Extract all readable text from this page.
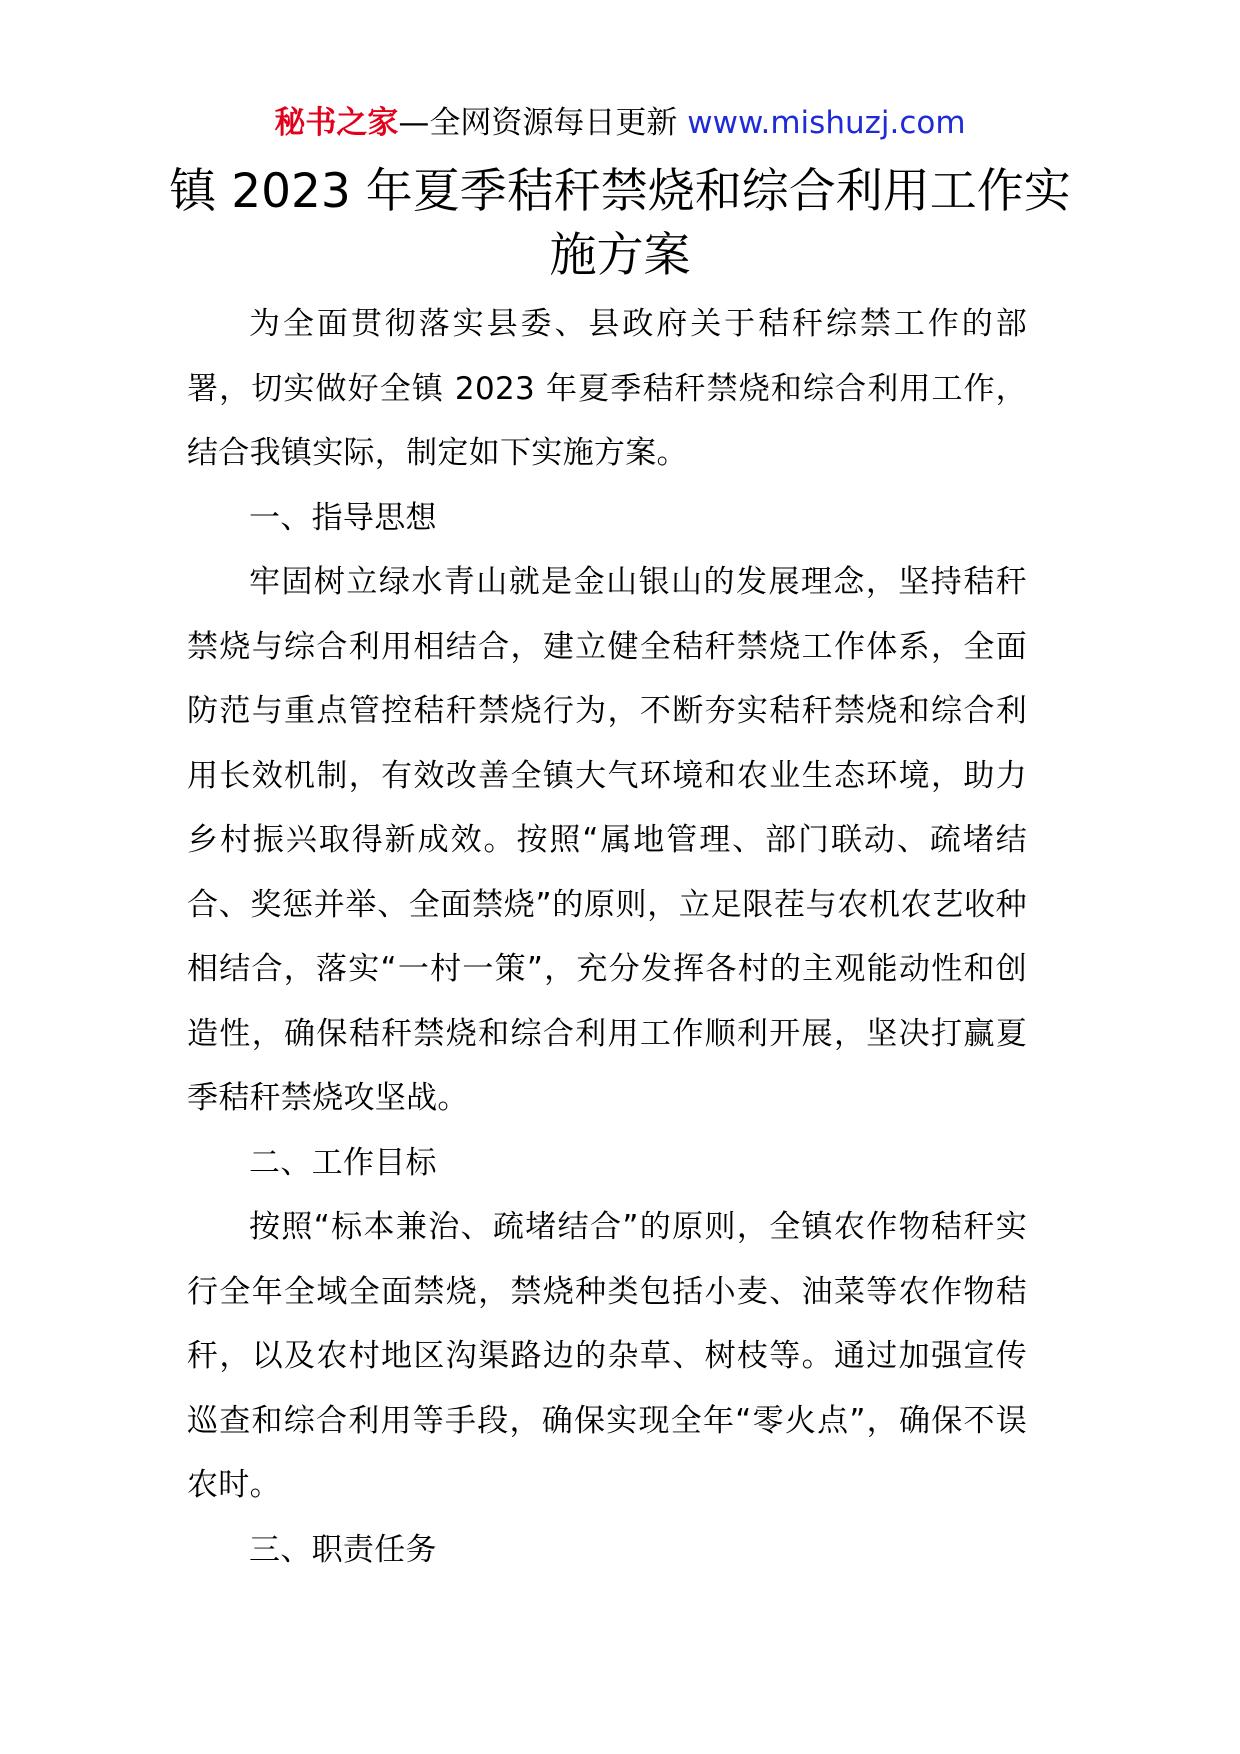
秘书之家—全网资源每日更新 www.mishuzj.com
镇 2023 年夏季秸秆禁烧和综合利用工作实施方案

为全面贯彻落实县委、县政府关于秸秆综禁工作的部署，切实做好全镇 2023 年夏季秸秆禁烧和综合利用工作，结合我镇实际，制定如下实施方案。

一、指导思想

牢固树立绿水青山就是金山银山的发展理念，坚持秸秆禁烧与综合利用相结合，建立健全秸秆禁烧工作体系，全面防范与重点管控秸秆禁烧行为，不断夯实秸秆禁烧和综合利用长效机制，有效改善全镇大气环境和农业生态环境，助力乡村振兴取得新成效。按照“属地管理、部门联动、疏堵结合、奖惩并举、全面禁烧”的原则，立足限茬与农机农艺收种相结合，落实“一村一策”，充分发挥各村的主观能动性和创造性，确保秸秆禁烧和综合利用工作顺利开展，坚决打赢夏季秸秆禁烧攻坚战。

二、工作目标

按照“标本兼治、疏堵结合”的原则，全镇农作物秸秆实行全年全域全面禁烧，禁烧种类包括小麦、油菜等农作物秸秆，以及农村地区沟渠路边的杂草、树枝等。通过加强宣传巡查和综合利用等手段，确保实现全年“零火点”，确保不误农时。

三、职责任务
